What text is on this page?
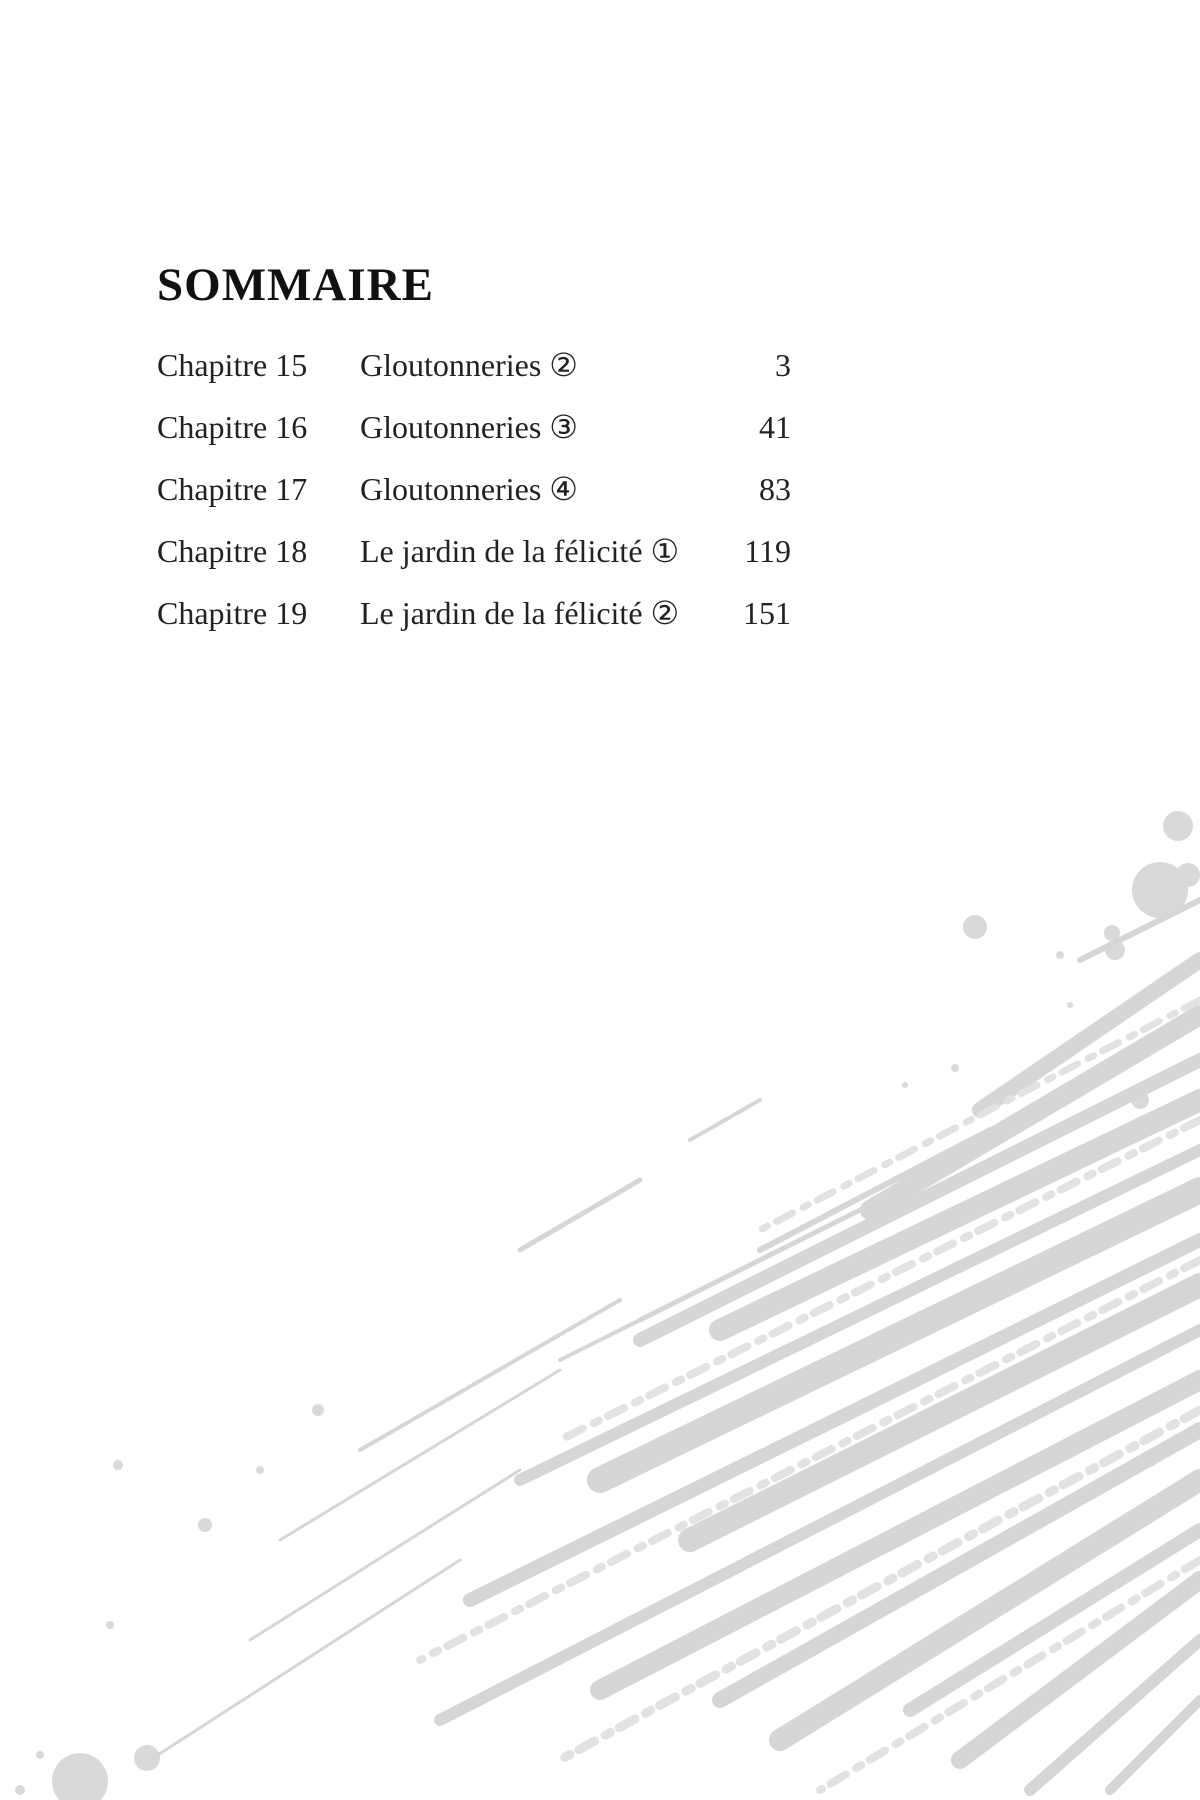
SOMMAIRE
Chapitre 15	Gloutonneries ②	3
Chapitre 16	Gloutonneries ③	41
Chapitre 17	Gloutonneries ④	83
Chapitre 18	Le jardin de la félicité ①	119
Chapitre 19	Le jardin de la félicité ②	151
